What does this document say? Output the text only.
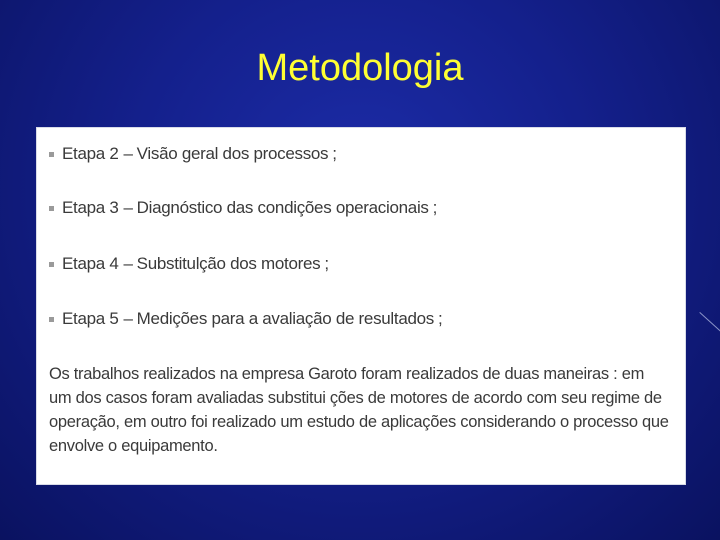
Metodologia
Etapa 2 – Visão geral dos processos ;
Etapa 3 – Diagnóstico das condições operacionais ;
Etapa 4 – Substitulção dos motores ;
Etapa 5 – Medições para a avaliação de resultados ;

Os trabalhos realizados na empresa Garoto foram realizados de duas maneiras : em um dos casos foram avaliadas substitui ções de motores de acordo com seu regime de operação, em outro foi realizado um estudo de aplicações considerando o processo que envolve o equipamento.
